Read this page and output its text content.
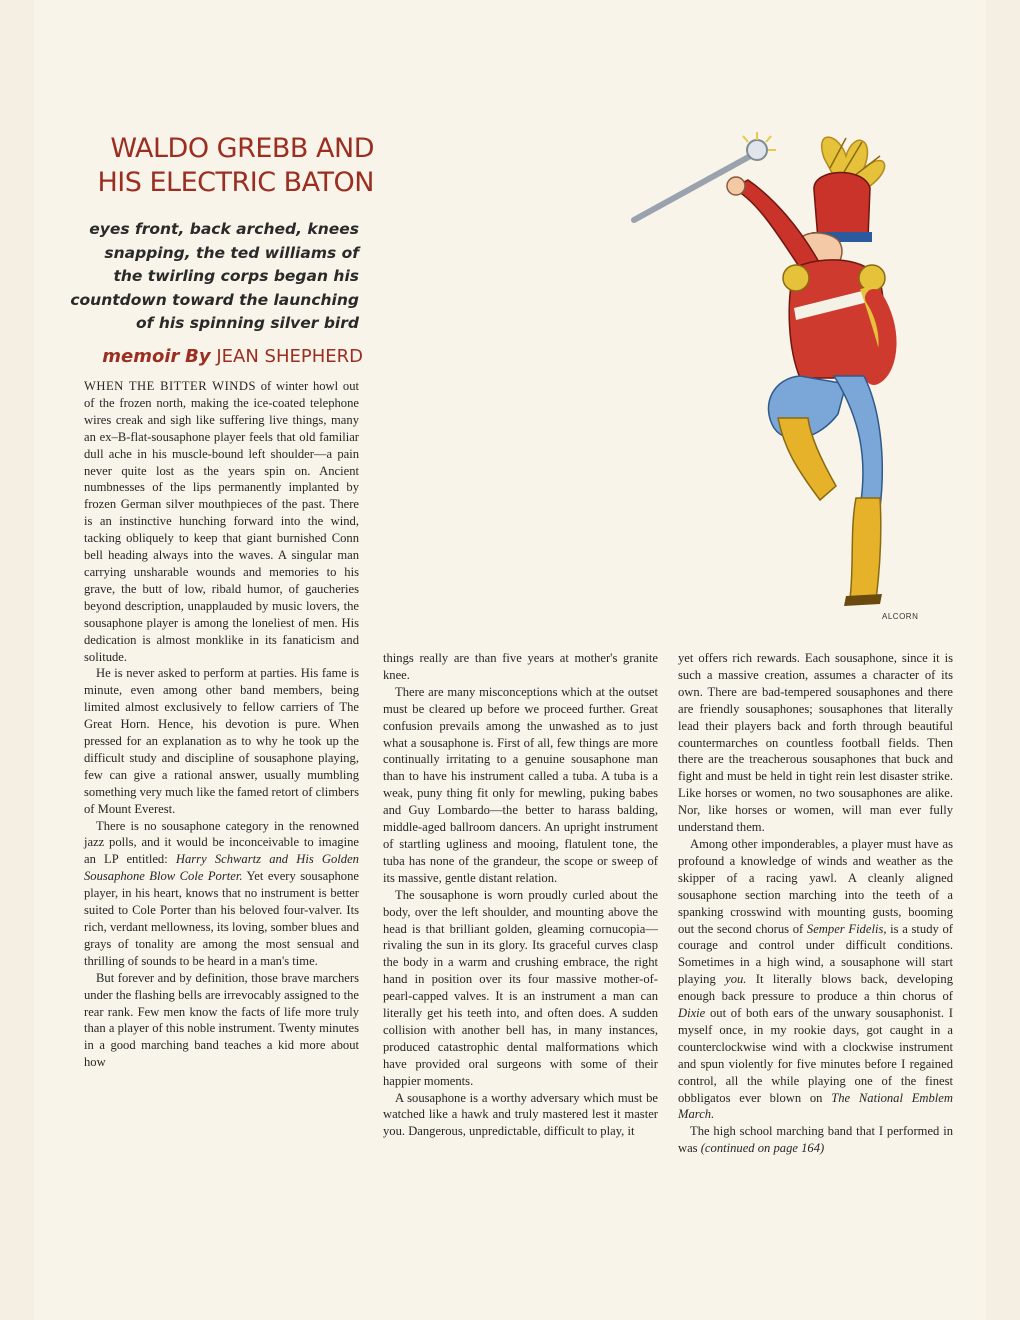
WALDO GREBB AND
HIS ELECTRIC BATON
eyes front, back arched, knees
snapping, the ted williams of
the twirling corps began his
countdown toward the launching
of his spinning silver bird
memoir By JEAN SHEPHERD
ALCORN

WHEN THE BITTER WINDS of winter howl out of the frozen north, making the ice-coated telephone wires creak and sigh like suffering live things, many an ex–B-flat-sousaphone player feels that old familiar dull ache in his muscle-bound left shoulder—a pain never quite lost as the years spin on. Ancient numbnesses of the lips permanently implanted by frozen German silver mouthpieces of the past. There is an instinctive hunching forward into the wind, tacking obliquely to keep that giant burnished Conn bell heading always into the waves. A singular man carrying unsharable wounds and memories to his grave, the butt of low, ribald humor, of gaucheries beyond description, unapplauded by music lovers, the sousaphone player is among the loneliest of men. His dedication is almost monklike in its fanaticism and solitude.

He is never asked to perform at parties. His fame is minute, even among other band members, being limited almost exclusively to fellow carriers of The Great Horn. Hence, his devotion is pure. When pressed for an explanation as to why he took up the difficult study and discipline of sousaphone playing, few can give a rational answer, usually mumbling something very much like the famed retort of climbers of Mount Everest.

There is no sousaphone category in the renowned jazz polls, and it would be inconceivable to imagine an LP entitled: Harry Schwartz and His Golden Sousaphone Blow Cole Porter. Yet every sousaphone player, in his heart, knows that no instrument is better suited to Cole Porter than his beloved four-valver. Its rich, verdant mellowness, its loving, somber blues and grays of tonality are among the most sensual and thrilling of sounds to be heard in a man's time.

But forever and by definition, those brave marchers under the flashing bells are irrevocably assigned to the rear rank. Few men know the facts of life more truly than a player of this noble instrument. Twenty minutes in a good marching band teaches a kid more about how

things really are than five years at mother's granite knee.

There are many misconceptions which at the outset must be cleared up before we proceed further. Great confusion prevails among the unwashed as to just what a sousaphone is. First of all, few things are more continually irritating to a genuine sousaphone man than to have his instrument called a tuba. A tuba is a weak, puny thing fit only for mewling, puking babes and Guy Lombardo—the better to harass balding, middle-aged ballroom dancers. An upright instrument of startling ugliness and mooing, flatulent tone, the tuba has none of the grandeur, the scope or sweep of its massive, gentle distant relation.

The sousaphone is worn proudly curled about the body, over the left shoulder, and mounting above the head is that brilliant golden, gleaming cornucopia—rivaling the sun in its glory. Its graceful curves clasp the body in a warm and crushing embrace, the right hand in position over its four massive mother-of-pearl-capped valves. It is an instrument a man can literally get his teeth into, and often does. A sudden collision with another bell has, in many instances, produced catastrophic dental malformations which have provided oral surgeons with some of their happier moments.

A sousaphone is a worthy adversary which must be watched like a hawk and truly mastered lest it master you. Dangerous, unpredictable, difficult to play, it

yet offers rich rewards. Each sousaphone, since it is such a massive creation, assumes a character of its own. There are bad-tempered sousaphones and there are friendly sousaphones; sousaphones that literally lead their players back and forth through beautiful countermarches on countless football fields. Then there are the treacherous sousaphones that buck and fight and must be held in tight rein lest disaster strike. Like horses or women, no two sousaphones are alike. Nor, like horses or women, will man ever fully understand them.

Among other imponderables, a player must have as profound a knowledge of winds and weather as the skipper of a racing yawl. A cleanly aligned sousaphone section marching into the teeth of a spanking crosswind with mounting gusts, booming out the second chorus of Semper Fidelis, is a study of courage and control under difficult conditions. Sometimes in a high wind, a sousaphone will start playing you. It literally blows back, developing enough back pressure to produce a thin chorus of Dixie out of both ears of the unwary sousaphonist. I myself once, in my rookie days, got caught in a counterclockwise wind with a clockwise instrument and spun violently for five minutes before I regained control, all the while playing one of the finest obbligatos ever blown on The National Emblem March.

The high school marching band that I performed in was (continued on page 164)
